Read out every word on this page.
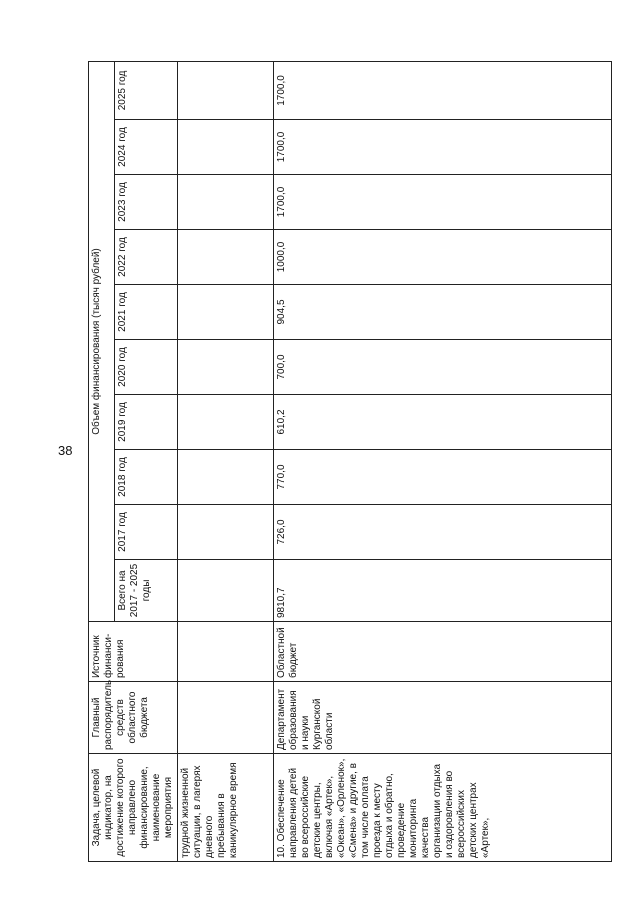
38
Задача, целевой индикатор, на достижение которого направлено финансирование, наименование мероприятия	Главный распорядитель средств областного бюджета	Источник финанси-рования	Объем финансирования (тысяч рублей)									
			Всего на 2017 - 2025 годы	2017 год	2018 год	2019 год	2020 год	2021 год	2022 год	2023 год	2024 год	2025 год
трудной жизненной ситуации, в лагерях дневного пребывания в каникулярное время												
10. Обеспечение направления детей во всероссийские детские центры, включая «Артек», «Океан», «Орленок», «Смена» и другие, в том числе оплата проезда к месту отдыха и обратно, проведение мониторинга качества организации отдыха и оздоровления во всероссийских детских центрах «Артек»,	Департамент образования и науки Курганской области	Областной бюджет	9810,7	726,0	770,0	610,2	700,0	904,5	1000,0	1700,0	1700,0	1700,0
